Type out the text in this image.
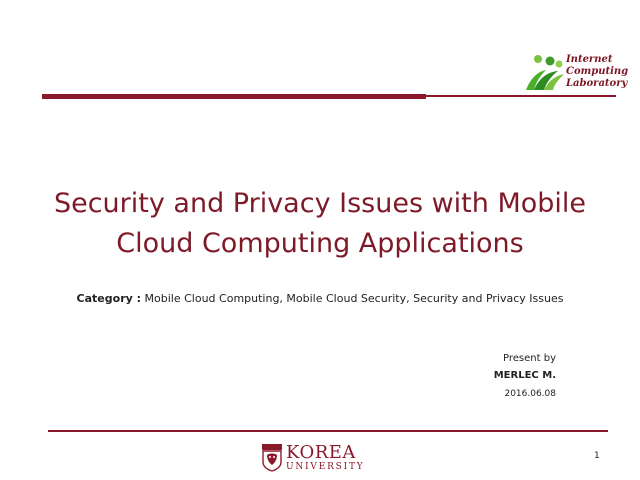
Internet
Computing
Laboratory
Security and Privacy Issues with Mobile
Cloud Computing Applications
Category : Mobile Cloud Computing, Mobile Cloud Security, Security and Privacy Issues
Present by
MERLEC M.
2016.06.08
KOREA
UNIVERSITY
1
